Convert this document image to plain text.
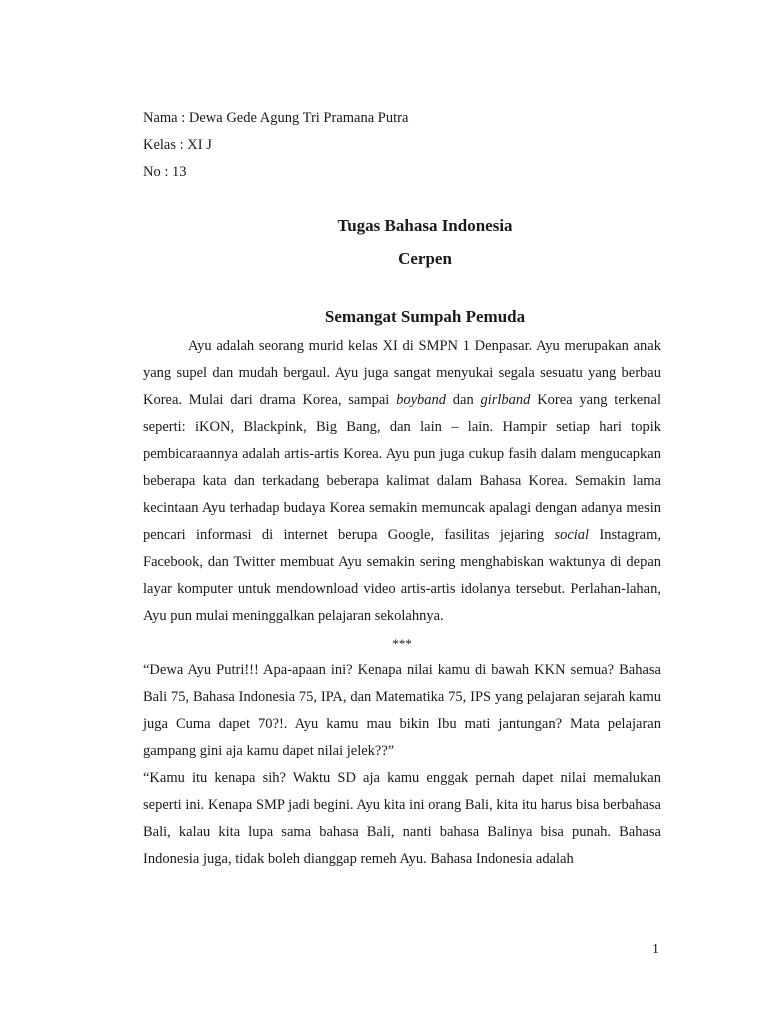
Nama : Dewa Gede Agung Tri Pramana Putra
Kelas : XI J
No : 13
Tugas Bahasa Indonesia
Cerpen
Semangat Sumpah Pemuda

Ayu adalah seorang murid kelas XI di SMPN 1 Denpasar. Ayu merupakan anak yang supel dan mudah bergaul. Ayu juga sangat menyukai segala sesuatu yang berbau Korea. Mulai dari drama Korea, sampai boyband dan girlband Korea yang terkenal seperti: iKON, Blackpink, Big Bang, dan lain – lain. Hampir setiap hari topik pembicaraannya adalah artis-artis Korea. Ayu pun juga cukup fasih dalam mengucapkan beberapa kata dan terkadang beberapa kalimat dalam Bahasa Korea. Semakin lama kecintaan Ayu terhadap budaya Korea semakin memuncak apalagi dengan adanya mesin pencari informasi di internet berupa Google, fasilitas jejaring social Instagram, Facebook, dan Twitter membuat Ayu semakin sering menghabiskan waktunya di depan layar komputer untuk mendownload video artis-artis idolanya tersebut. Perlahan-lahan, Ayu pun mulai meninggalkan pelajaran sekolahnya.

***

“Dewa Ayu Putri!!! Apa-apaan ini? Kenapa nilai kamu di bawah KKN semua? Bahasa Bali 75, Bahasa Indonesia 75, IPA, dan Matematika 75, IPS yang pelajaran sejarah kamu juga Cuma dapet 70?!. Ayu kamu mau bikin Ibu mati jantungan? Mata pelajaran gampang gini aja kamu dapet nilai jelek??”

“Kamu itu kenapa sih? Waktu SD aja kamu enggak pernah dapet nilai memalukan seperti ini. Kenapa SMP jadi begini. Ayu kita ini orang Bali, kita itu harus bisa berbahasa Bali, kalau kita lupa sama bahasa Bali, nanti bahasa Balinya bisa punah. Bahasa Indonesia juga, tidak boleh dianggap remeh Ayu. Bahasa Indonesia adalah

1
